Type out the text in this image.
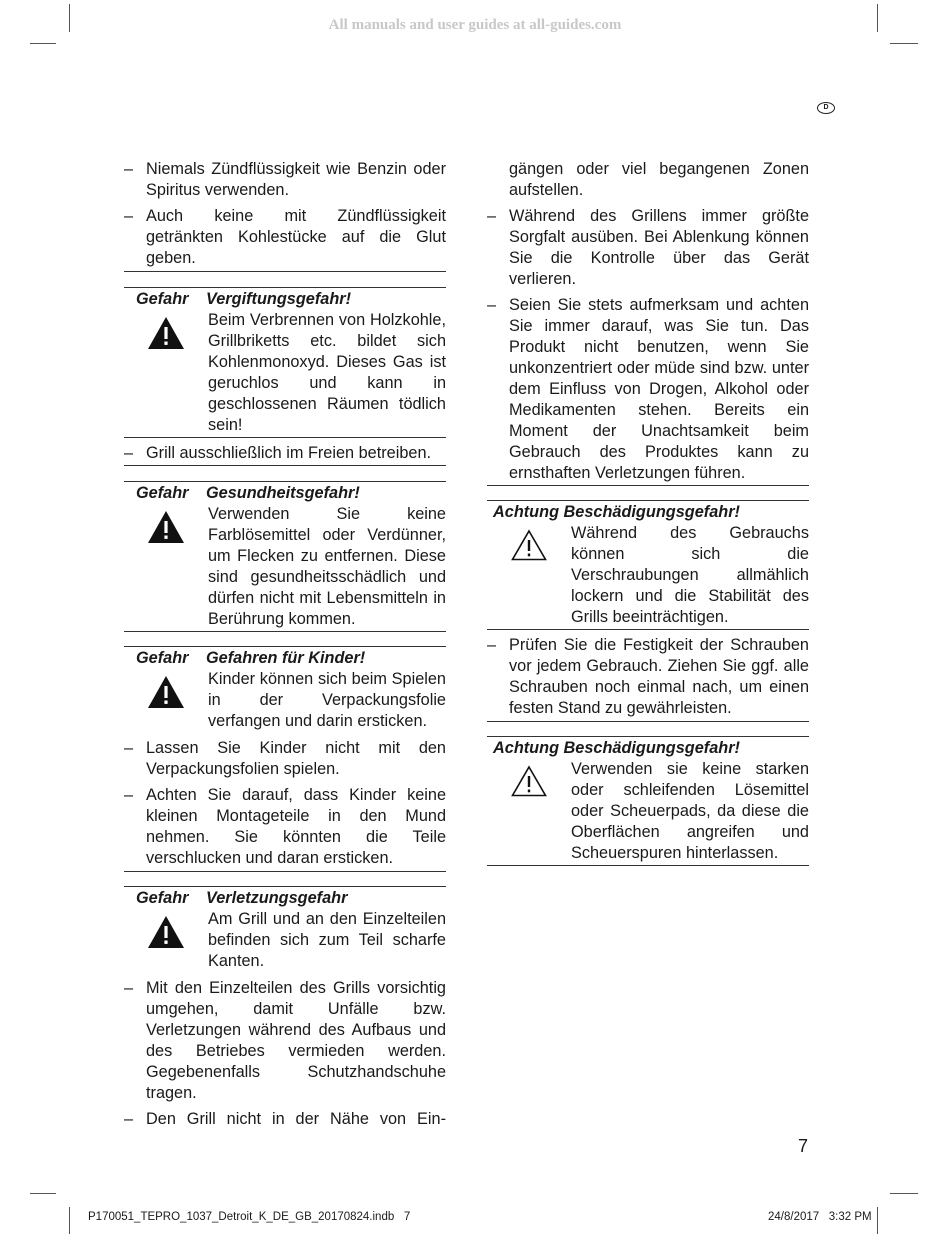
All manuals and user guides at all-guides.com
D
– Niemals Zündflüssigkeit wie Benzin oder Spiritus verwenden.
– Auch keine mit Zündflüssigkeit getränkten Kohlestücke auf die Glut geben.
Gefahr Vergiftungsgefahr!
Beim Verbrennen von Holzkohle, Grillbriketts etc. bildet sich Kohlenmonoxyd. Dieses Gas ist geruchlos und kann in geschlossenen Räumen tödlich sein!
– Grill ausschließlich im Freien betreiben.
Gefahr Gesundheitsgefahr!
Verwenden Sie keine Farblösemittel oder Verdünner, um Flecken zu entfernen. Diese sind gesundheitsschädlich und dürfen nicht mit Lebensmitteln in Berührung kommen.
Gefahr Gefahren für Kinder!
Kinder können sich beim Spielen in der Verpackungsfolie verfangen und darin ersticken.
– Lassen Sie Kinder nicht mit den Verpackungsfolien spielen.
– Achten Sie darauf, dass Kinder keine kleinen Montageteile in den Mund nehmen. Sie könnten die Teile verschlucken und daran ersticken.
Gefahr Verletzungsgefahr
Am Grill und an den Einzelteilen befinden sich zum Teil scharfe Kanten.
– Mit den Einzelteilen des Grills vorsichtig umgehen, damit Unfälle bzw. Verletzungen während des Aufbaus und des Betriebes vermieden werden. Gegebenenfalls Schutzhandschuhe tragen.
– Den Grill nicht in der Nähe von Ein-
gängen oder viel begangenen Zonen aufstellen.
– Während des Grillens immer größte Sorgfalt ausüben. Bei Ablenkung können Sie die Kontrolle über das Gerät verlieren.
– Seien Sie stets aufmerksam und achten Sie immer darauf, was Sie tun. Das Produkt nicht benutzen, wenn Sie unkonzentriert oder müde sind bzw. unter dem Einfluss von Drogen, Alkohol oder Medikamenten stehen. Bereits ein Moment der Unachtsamkeit beim Gebrauch des Produktes kann zu ernsthaften Verletzungen führen.
Achtung Beschädigungsgefahr!
Während des Gebrauchs können sich die Verschraubungen allmählich lockern und die Stabilität des Grills beeinträchtigen.
– Prüfen Sie die Festigkeit der Schrauben vor jedem Gebrauch. Ziehen Sie ggf. alle Schrauben noch einmal nach, um einen festen Stand zu gewährleisten.
Achtung Beschädigungsgefahr!
Verwenden sie keine starken oder schleifenden Lösemittel oder Scheuerpads, da diese die Oberflächen angreifen und Scheuerspuren hinterlassen.
7
P170051_TEPRO_1037_Detroit_K_DE_GB_20170824.indb   7	24/8/2017   3:32 PM
